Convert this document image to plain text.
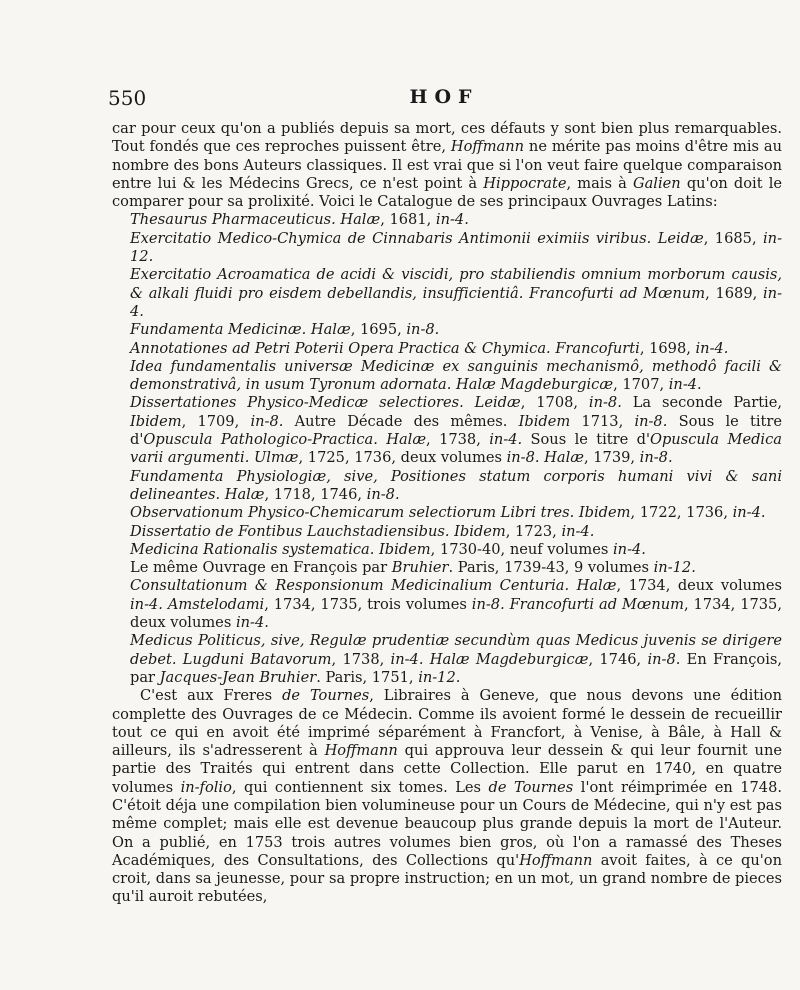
550	HOF

car pour ceux qu'on a publiés depuis sa mort, ces défauts y sont bien plus remarquables. Tout fondés que ces reproches puissent être, Hoffmann ne mérite pas moins d'être mis au nombre des bons Auteurs classiques. Il est vrai que si l'on veut faire quelque comparaison entre lui & les Médecins Grecs, ce n'est point à Hippocrate, mais à Galien qu'on doit le comparer pour sa prolixité. Voici le Catalogue de ses principaux Ouvrages Latins:

Thesaurus Pharmaceuticus. Halæ, 1681, in-4.

Exercitatio Medico-Chymica de Cinnabaris Antimonii eximiis viribus. Leidæ, 1685, in-12.

Exercitatio Acroamatica de acidi & viscidi, pro stabiliendis omnium morborum causis, & alkali fluidi pro eisdem debellandis, insufficientiâ. Francofurti ad Mœnum, 1689, in-4.

Fundamenta Medicinæ. Halæ, 1695, in-8.

Annotationes ad Petri Poterii Opera Practica & Chymica. Francofurti, 1698, in-4.

Idea fundamentalis universæ Medicinæ ex sanguinis mechanismô, methodô facili & demonstrativâ, in usum Tyronum adornata. Halæ Magdeburgicæ, 1707, in-4.

Dissertationes Physico-Medicæ selectiores. Leidæ, 1708, in-8. La seconde Partie, Ibidem, 1709, in-8. Autre Décade des mêmes. Ibidem 1713, in-8. Sous le titre d'Opuscula Pathologico-Practica. Halæ, 1738, in-4. Sous le titre d'Opuscula Medica varii argumenti. Ulmæ, 1725, 1736, deux volumes in-8. Halæ, 1739, in-8.

Fundamenta Physiologiæ, sive, Positiones statum corporis humani vivi & sani delineantes. Halæ, 1718, 1746, in-8.

Observationum Physico-Chemicarum selectiorum Libri tres. Ibidem, 1722, 1736, in-4.

Dissertatio de Fontibus Lauchstadiensibus. Ibidem, 1723, in-4.

Medicina Rationalis systematica. Ibidem, 1730-40, neuf volumes in-4.

Le même Ouvrage en François par Bruhier. Paris, 1739-43, 9 volumes in-12.

Consultationum & Responsionum Medicinalium Centuria. Halæ, 1734, deux volumes in-4. Amstelodami, 1734, 1735, trois volumes in-8. Francofurti ad Mœnum, 1734, 1735, deux volumes in-4.

Medicus Politicus, sive, Regulæ prudentiæ secundùm quas Medicus juvenis se dirigere debet. Lugduni Batavorum, 1738, in-4. Halæ Magdeburgicæ, 1746, in-8. En François, par Jacques-Jean Bruhier. Paris, 1751, in-12.

C'est aux Freres de Tournes, Libraires à Geneve, que nous devons une édition complette des Ouvrages de ce Médecin. Comme ils avoient formé le dessein de recueillir tout ce qui en avoit été imprimé séparément à Francfort, à Venise, à Bâle, à Hall & ailleurs, ils s'adresserent à Hoffmann qui approuva leur dessein & qui leur fournit une partie des Traités qui entrent dans cette Collection. Elle parut en 1740, en quatre volumes in-folio, qui contiennent six tomes. Les de Tournes l'ont réimprimée en 1748. C'étoit déja une compilation bien volumineuse pour un Cours de Médecine, qui n'y est pas même complet; mais elle est devenue beaucoup plus grande depuis la mort de l'Auteur. On a publié, en 1753 trois autres volumes bien gros, où l'on a ramassé des Theses Académiques, des Consultations, des Collections qu'Hoffmann avoit faites, à ce qu'on croit, dans sa jeunesse, pour sa propre instruction; en un mot, un grand nombre de pieces qu'il auroit rebutées,
